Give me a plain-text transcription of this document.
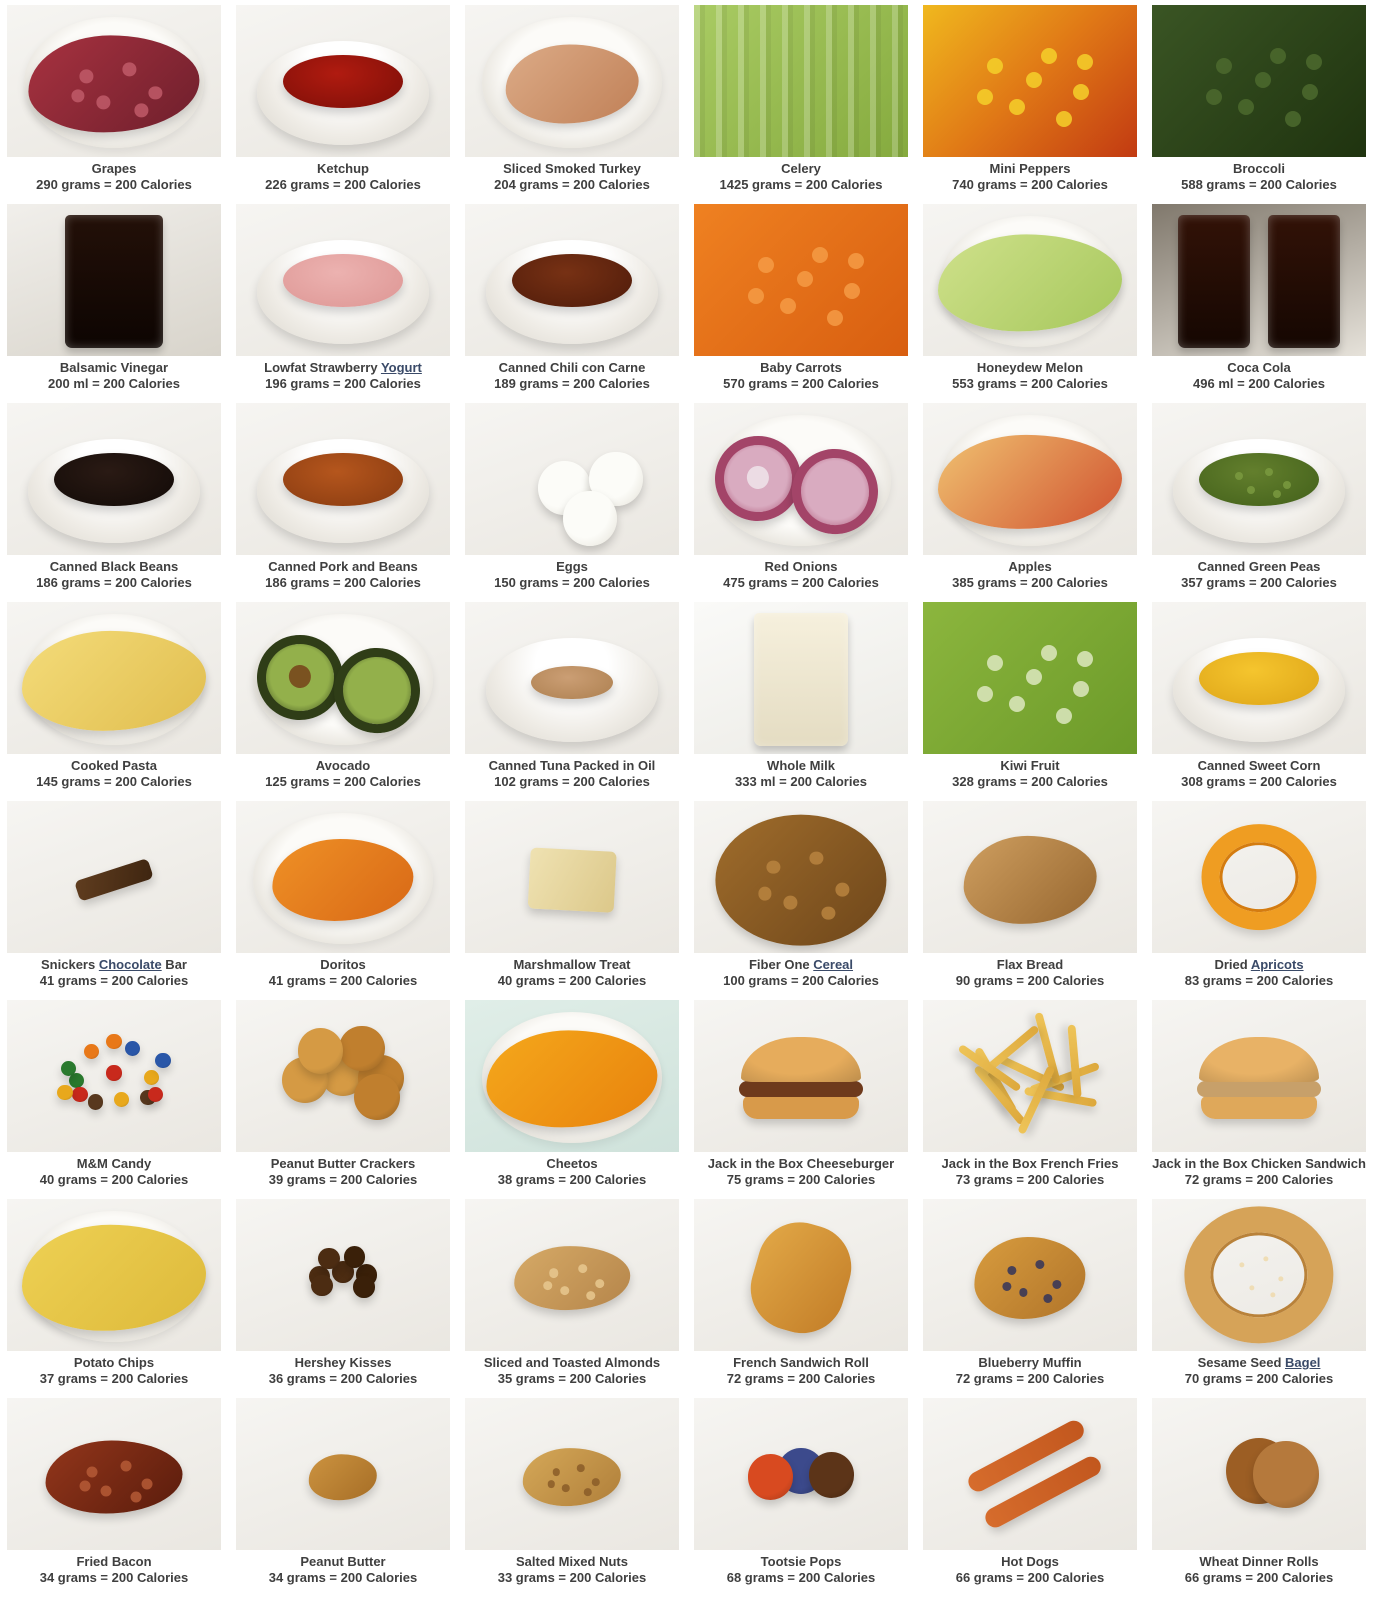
Grapes
290 grams = 200 Calories
Ketchup
226 grams = 200 Calories
Sliced Smoked Turkey
204 grams = 200 Calories
Celery
1425 grams = 200 Calories
Mini Peppers
740 grams = 200 Calories
Broccoli
588 grams = 200 Calories
Balsamic Vinegar
200 ml = 200 Calories
Lowfat Strawberry Yogurt
196 grams = 200 Calories
Canned Chili con Carne
189 grams = 200 Calories
Baby Carrots
570 grams = 200 Calories
Honeydew Melon
553 grams = 200 Calories
Coca Cola
496 ml = 200 Calories
Canned Black Beans
186 grams = 200 Calories
Canned Pork and Beans
186 grams = 200 Calories
Eggs
150 grams = 200 Calories
Red Onions
475 grams = 200 Calories
Apples
385 grams = 200 Calories
Canned Green Peas
357 grams = 200 Calories
Cooked Pasta
145 grams = 200 Calories
Avocado
125 grams = 200 Calories
Canned Tuna Packed in Oil
102 grams = 200 Calories
Whole Milk
333 ml = 200 Calories
Kiwi Fruit
328 grams = 200 Calories
Canned Sweet Corn
308 grams = 200 Calories
Snickers Chocolate Bar
41 grams = 200 Calories
Doritos
41 grams = 200 Calories
Marshmallow Treat
40 grams = 200 Calories
Fiber One Cereal
100 grams = 200 Calories
Flax Bread
90 grams = 200 Calories
Dried Apricots
83 grams = 200 Calories
M&M Candy
40 grams = 200 Calories
Peanut Butter Crackers
39 grams = 200 Calories
Cheetos
38 grams = 200 Calories
Jack in the Box Cheeseburger
75 grams = 200 Calories
Jack in the Box French Fries
73 grams = 200 Calories
Jack in the Box Chicken Sandwich
72 grams = 200 Calories
Potato Chips
37 grams = 200 Calories
Hershey Kisses
36 grams = 200 Calories
Sliced and Toasted Almonds
35 grams = 200 Calories
French Sandwich Roll
72 grams = 200 Calories
Blueberry Muffin
72 grams = 200 Calories
Sesame Seed Bagel
70 grams = 200 Calories
Fried Bacon
34 grams = 200 Calories
Peanut Butter
34 grams = 200 Calories
Salted Mixed Nuts
33 grams = 200 Calories
Tootsie Pops
68 grams = 200 Calories
Hot Dogs
66 grams = 200 Calories
Wheat Dinner Rolls
66 grams = 200 Calories
